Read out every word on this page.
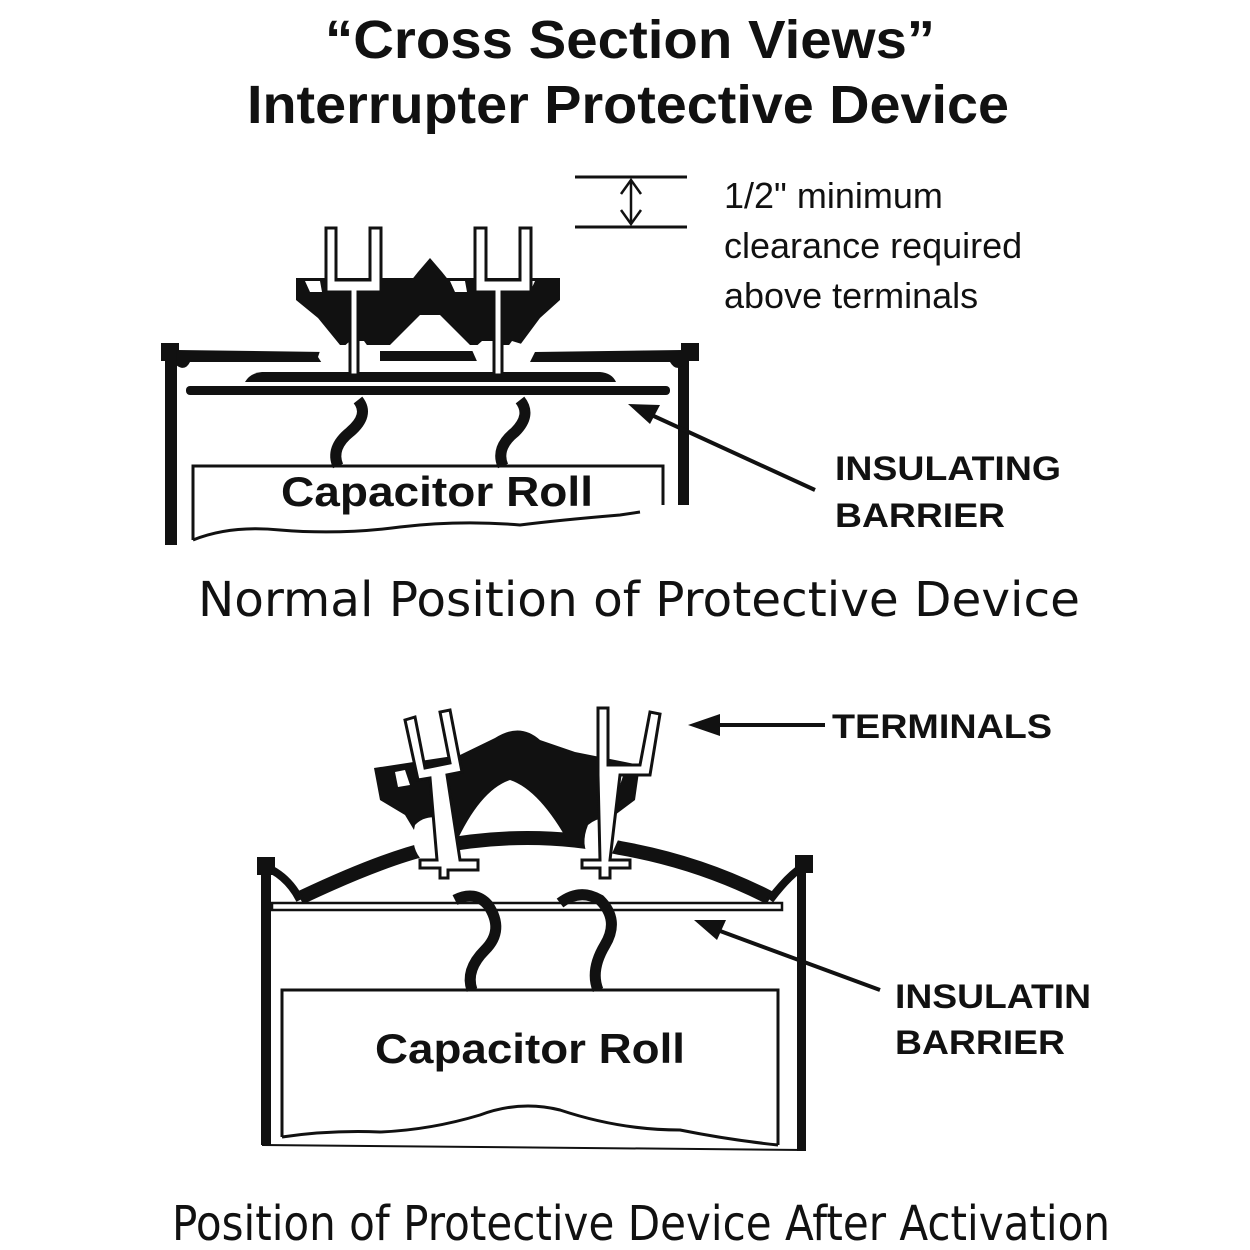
“Cross Section Views”
Interrupter Protective Device
Capacitor Roll
1/2" minimum
clearance required
above terminals
INSULATING
BARRIER
Normal Position of Protective Device
Capacitor Roll
TERMINALS
INSULATIN
BARRIER
Position of Protective Device After Activation
